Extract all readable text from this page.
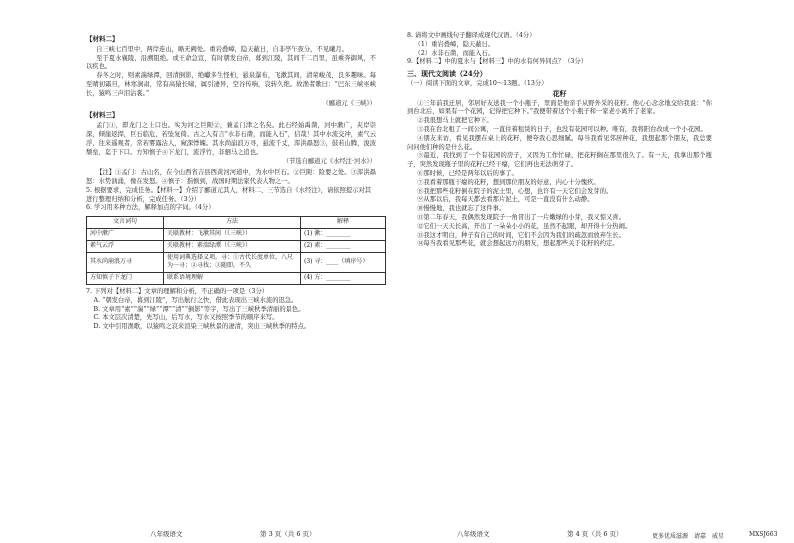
【材料二】
自三峡七百里中，两岸连山，略无阙处。重岩叠嶂，隐天蔽日，自非亭午夜分，不见曦月。
至于夏水襄陵，沿溯阻绝。或王命急宣，有时朝发白帝，暮到江陵，其间千二百里，虽乘奔御风，不以疾也。
春冬之时，则素湍绿潭，回清倒影，绝巘多生怪柏，悬泉瀑布，飞漱其间，清荣峻茂，良多趣味。每至晴初霜旦，林寒涧肃，常有高猿长啸，属引凄异，空谷传响，哀转久绝。故渔者歌曰：“巴东三峡巫峡长，猿鸣三声泪沾裳。”
（郦道元《三峡》）
【材料三】
孟门①，即龙门之上口也。实为河之巨阨②，兼孟门津之名矣。此石经始禹凿，河中漱广，夹岸崇深，倾崖返捍，巨石临危，若坠复倚。古之人有言“水非石凿，而能入石”，信哉！其中水流交冲，素气云浮，往来遥观者，常若雾露沾人，窥深悸魄。其水尚崩浪万寻，悬流千丈，浑洪赑怒③，鼓若山腾，浚波颓垒，迄于下口。方知慎子④下龙门，流浮竹，非驷马之追也。
（节选自郦道元《水经注·河水》）
【注】①孟门：古山名，在今山西省吉县西黄河河道中，为水中巨石。②巨阨：险要之处。③浑洪赑怒：水势汹涌，像在发怒。④慎子：指慎到，战国时期法家代表人物之一。
5. 根据要求，完成任务。【材料一】介绍了郦道元其人，材料二、三节选自《水经注》，请依照提示对其进行整理归纳和分析，完成任务。（3分）
6. 学习用多种方法，解释加点的字词。（4分）
文言词句	方法	解释
河中漱广	关联教材：飞漱其间（《三峡》）	(1) 漱：________
素气云浮	关联教材：素湍绿潭（《三峡》）	(2) 素：________
其水尚崩浪万寻	使用词典选择义项。寻：①古代长度单位，八尺为一寻；②寻找；③随即，不久	(3) 寻：____（填序号）
方知慎子下龙门	联系语境理解	(4) 方：________
7. 下列对【材料二】文章的理解和分析，不正确的一项是（3分）
A. “朝发白帝，暮到江陵”，写出航行之快，借此表现出三峡水流的迅急。
B. 文章用“素”“湍”“绿”“潭”“清”“倒影”等字，写出了三峡秋季清丽的景色。
C. 本文层次清楚，先写山，后写水，写水又按照季节的顺序来写。
D. 文中引用渔歌，以猿鸣之哀来渲染三峡秋景的凄清，突出三峡秋季的特点。
八年级语文	第 3 页（共 6 页）
8. 请将文中画线句子翻译成现代汉语。（4分）
（1）重岩叠嶂，隐天蔽日。
（2）水非石凿，而能入石。
9.【材料二】中的夏水与【材料三】中的水有何异同点？（3分）
三、现代文阅读（24分）
（一）阅读下面的文章，完成10～13题。（13分）
花籽
①三年前我迁居，邻居好友送我一个小瓶子，里面是他亲手从野外采的花籽。他心心念念地交给我说：“你到台北后，如果有一个花园，记得把它种下。”我便带着这个小瓶子和一家老小离开了老家。
②我很想马上就把它种下。
③我在台北租了一间公寓，一直住着租赁的日子，也没有花园可以种。唯有，我将阳台改成一个小花园。
④朋友来访，看见我摆在桌上的花籽，便夸我心思细腻。每当我看见邻居种花，我想起那个朋友，我总要问问他们种的是什么花。
⑤最近，我找到了一个有花园的房子，又因为工作忙碌，把花籽搁在那里很久了。有一天，我拿出那个瓶子，突然发现瓶子里的花籽已经干瘪，它们再也无法萌芽了。
⑥那时候，已经是两年以后的事了。
⑦我看着那瓶干瘪的花籽，想到那位朋友的好意，内心十分愧疚。
⑧我把那些花籽倒在院子的泥土里，心想，也许有一天它们会发芽的。
⑨从那以后，我每天都去看那片泥土，可是一直没有什么动静。
⑩慢慢地，我也就忘了这件事。
⑪第二年春天，我偶然发现院子一角冒出了一片嫩绿的小芽，我又惊又喜。
⑫它们一天天长高，开出了一朵朵小小的花，虽然不起眼，却开得十分热闹。
⑬我这才明白，种子有自己的时间，它们不会因为我们的疏忽而放弃生长。
⑭每当我看见那些花，就会想起远方的朋友，想起那些关于花籽的约定。
八年级语文	第 4 页（共 6 页）	更多优质滋源　请嘉　威星	MXSJ663
